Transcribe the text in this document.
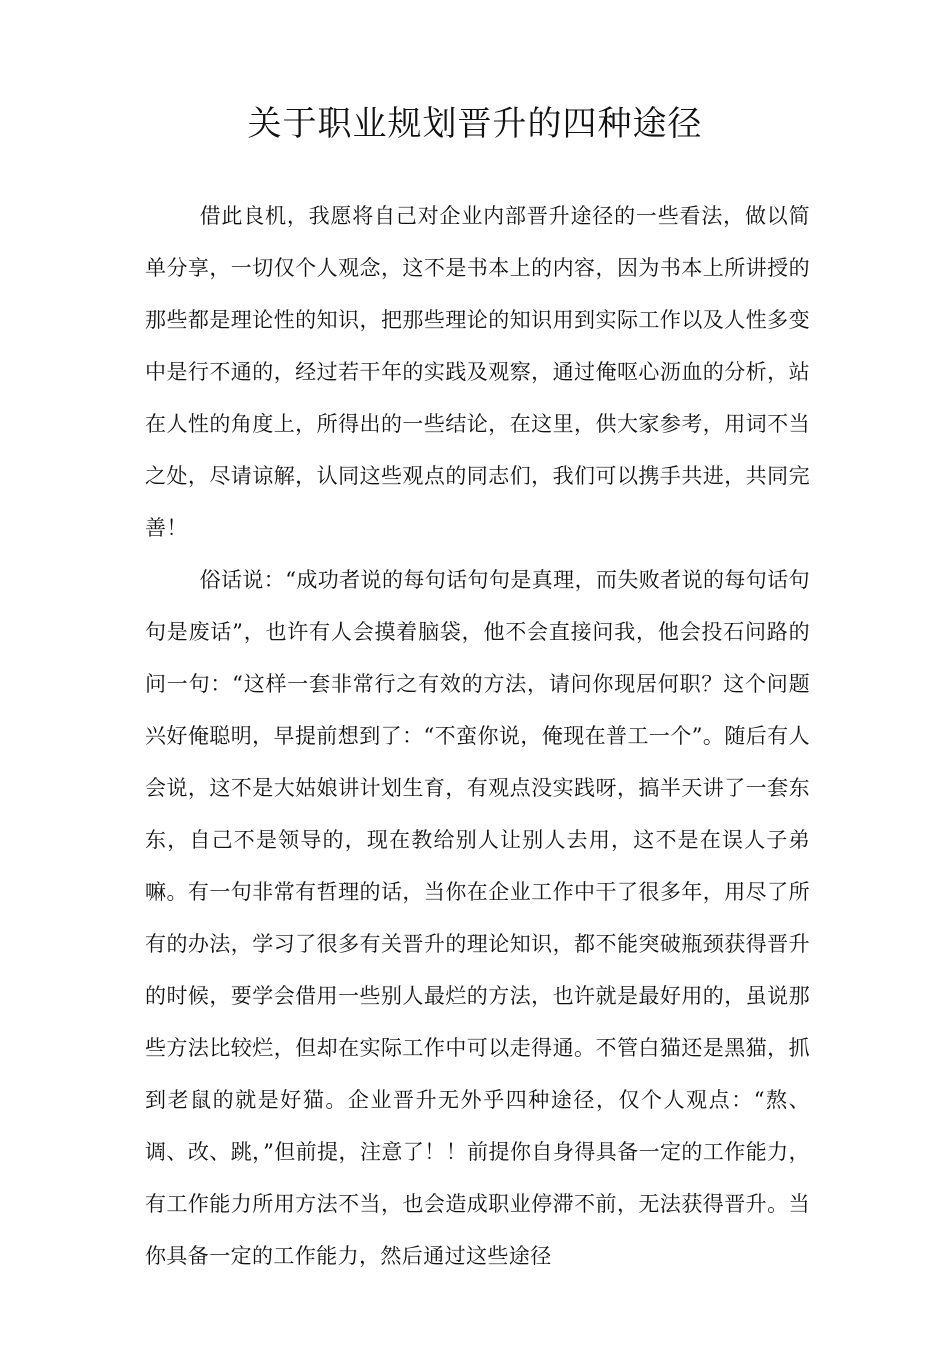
关于职业规划晋升的四种途径

借此良机，我愿将自己对企业内部晋升途径的一些看法，做以简单分享，一切仅个人观念，这不是书本上的内容，因为书本上所讲授的那些都是理论性的知识，把那些理论的知识用到实际工作以及人性多变中是行不通的，经过若干年的实践及观察，通过俺呕心沥血的分析，站在人性的角度上，所得出的一些结论，在这里，供大家参考，用词不当之处，尽请谅解，认同这些观点的同志们，我们可以携手共进，共同完善！

俗话说：“成功者说的每句话句句是真理，而失败者说的每句话句句是废话”，也许有人会摸着脑袋，他不会直接问我，他会投石问路的问一句：“这样一套非常行之有效的方法，请问你现居何职？这个问题兴好俺聪明，早提前想到了：“不蛮你说，俺现在普工一个”。随后有人会说，这不是大姑娘讲计划生育，有观点没实践呀，搞半天讲了一套东东，自己不是领导的，现在教给别人让别人去用，这不是在误人子弟嘛。有一句非常有哲理的话，当你在企业工作中干了很多年，用尽了所有的办法，学习了很多有关晋升的理论知识，都不能突破瓶颈获得晋升的时候，要学会借用一些别人最烂的方法，也许就是最好用的，虽说那些方法比较烂，但却在实际工作中可以走得通。不管白猫还是黑猫，抓到老鼠的就是好猫。企业晋升无外乎四种途径，仅个人观点：“熬、调、改、跳，”但前提，注意了！！前提你自身得具备一定的工作能力，有工作能力所用方法不当，也会造成职业停滞不前，无法获得晋升。当你具备一定的工作能力，然后通过这些途径
